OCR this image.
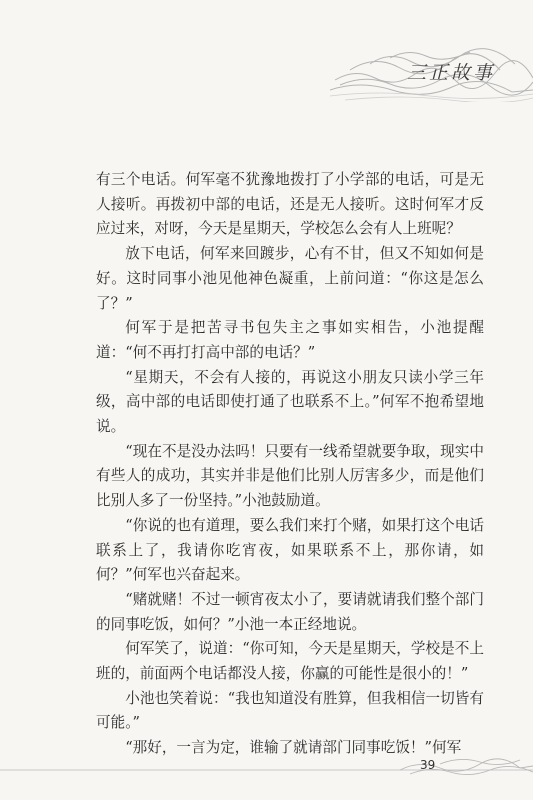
三正故事

有三个电话。何军毫不犹豫地拨打了小学部的电话，可是无人接听。再拨初中部的电话，还是无人接听。这时何军才反应过来，对呀，今天是星期天，学校怎么会有人上班呢？

放下电话，何军来回踱步，心有不甘，但又不知如何是好。这时同事小池见他神色凝重，上前问道：“你这是怎么了？”

何军于是把苦寻书包失主之事如实相告，小池提醒道：“何不再打打高中部的电话？”

“星期天，不会有人接的，再说这小朋友只读小学三年级，高中部的电话即使打通了也联系不上。”何军不抱希望地说。

“现在不是没办法吗！只要有一线希望就要争取，现实中有些人的成功，其实并非是他们比别人厉害多少，而是他们比别人多了一份坚持。”小池鼓励道。

“你说的也有道理，要么我们来打个赌，如果打这个电话联系上了，我请你吃宵夜，如果联系不上，那你请，如何？”何军也兴奋起来。

“赌就赌！不过一顿宵夜太小了，要请就请我们整个部门的同事吃饭，如何？”小池一本正经地说。

何军笑了，说道：“你可知，今天是星期天，学校是不上班的，前面两个电话都没人接，你赢的可能性是很小的！”

小池也笑着说：“我也知道没有胜算，但我相信一切皆有可能。”

“那好，一言为定，谁输了就请部门同事吃饭！”何军

39
